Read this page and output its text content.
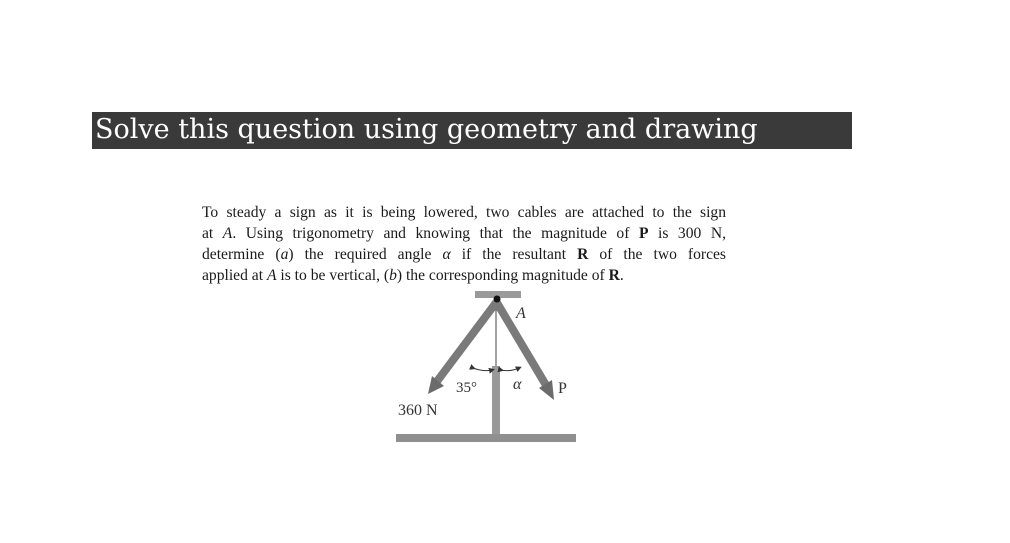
Solve this question using geometry and drawing
To steady a sign as it is being lowered, two cables are attached to the sign
at A. Using trigonometry and knowing that the magnitude of P is 300 N,
determine (a) the required angle α if the resultant R of the two forces
applied at A is to be vertical, (b) the corresponding magnitude of R.
A
35° α P
360 N
